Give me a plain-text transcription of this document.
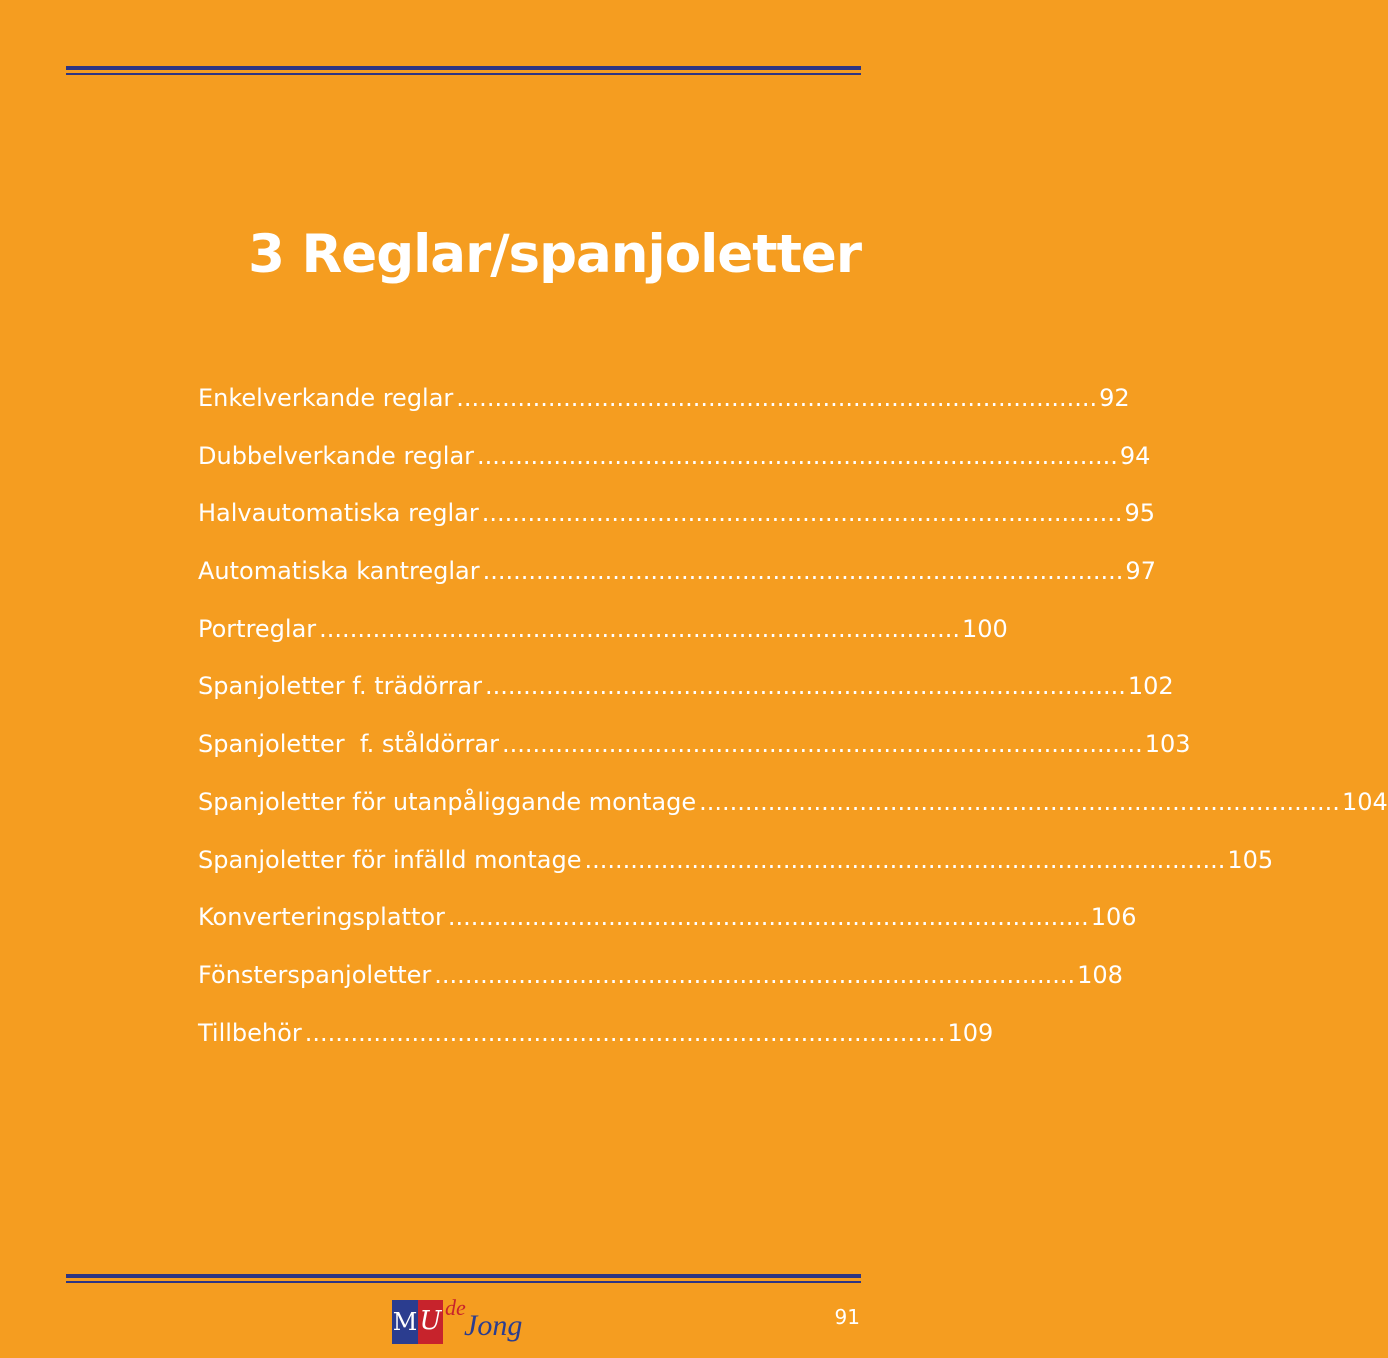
3 Reglar/spanjoletter
Enkelverkande reglar .................................................................................... 92
Dubbelverkande reglar .................................................................................... 94
Halvautomatiska reglar .................................................................................... 95
Automatiska kantreglar .................................................................................... 97
Portreglar .................................................................................... 100
Spanjoletter f. trädörrar .................................................................................... 102
Spanjoletter  f. ståldörrar .................................................................................... 103
Spanjoletter för utanpåliggande montage .................................................................................... 104
Spanjoletter för infälld montage .................................................................................... 105
Konverteringsplattor .................................................................................... 106
Fönsterspanjoletter .................................................................................... 108
Tillbehör .................................................................................... 109
M U de
Jong	91
